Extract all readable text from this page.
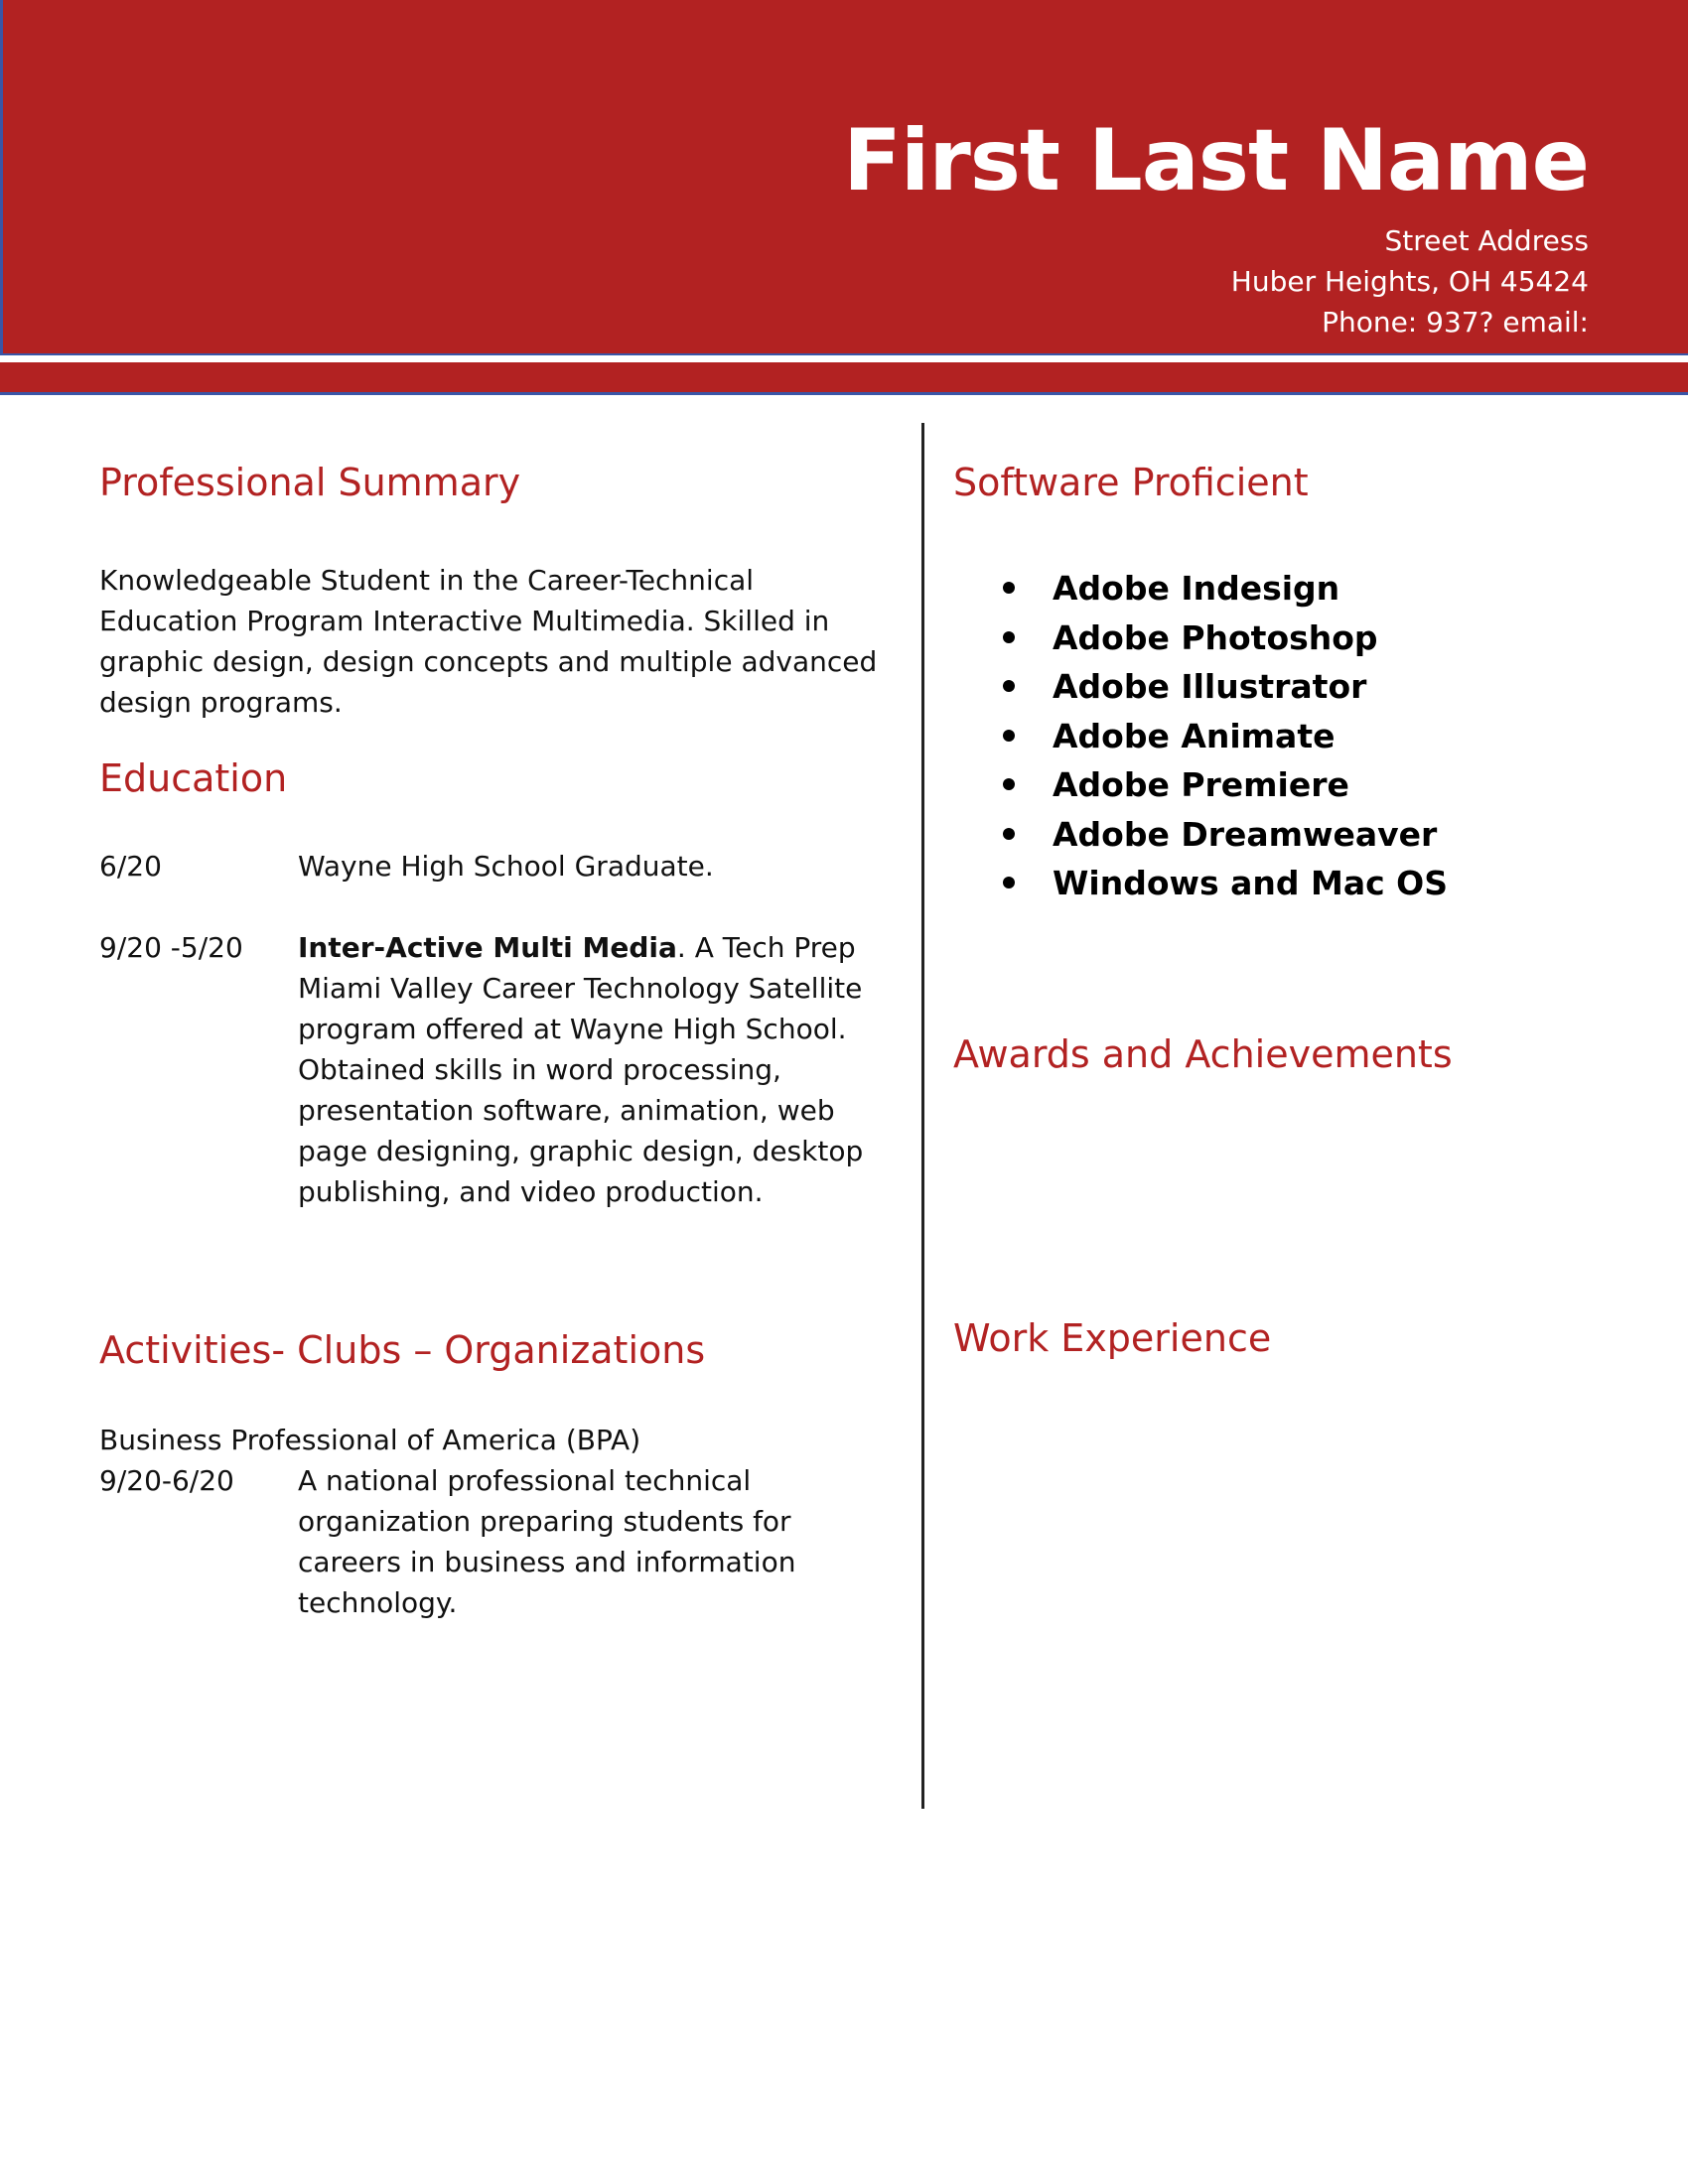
First Last Name
Street Address
Huber Heights, OH 45424
Phone: 937? email:
Professional Summary
Knowledgeable Student in the Career-Technical Education Program Interactive Multimedia. Skilled in graphic design, design concepts and multiple advanced design programs.
Education
6/20	Wayne High School Graduate.
9/20 -5/20	Inter-Active Multi Media. A Tech Prep Miami Valley Career Technology Satellite program offered at Wayne High School. Obtained skills in word processing, presentation software, animation, web page designing, graphic design, desktop publishing, and video production.
Activities- Clubs – Organizations
Business Professional of America (BPA)
9/20-6/20	A national professional technical organization preparing students for careers in business and information technology.
Software Proficient
Adobe Indesign
Adobe Photoshop
Adobe Illustrator
Adobe Animate
Adobe Premiere
Adobe Dreamweaver
Windows and Mac OS
Awards and Achievements
Work Experience
